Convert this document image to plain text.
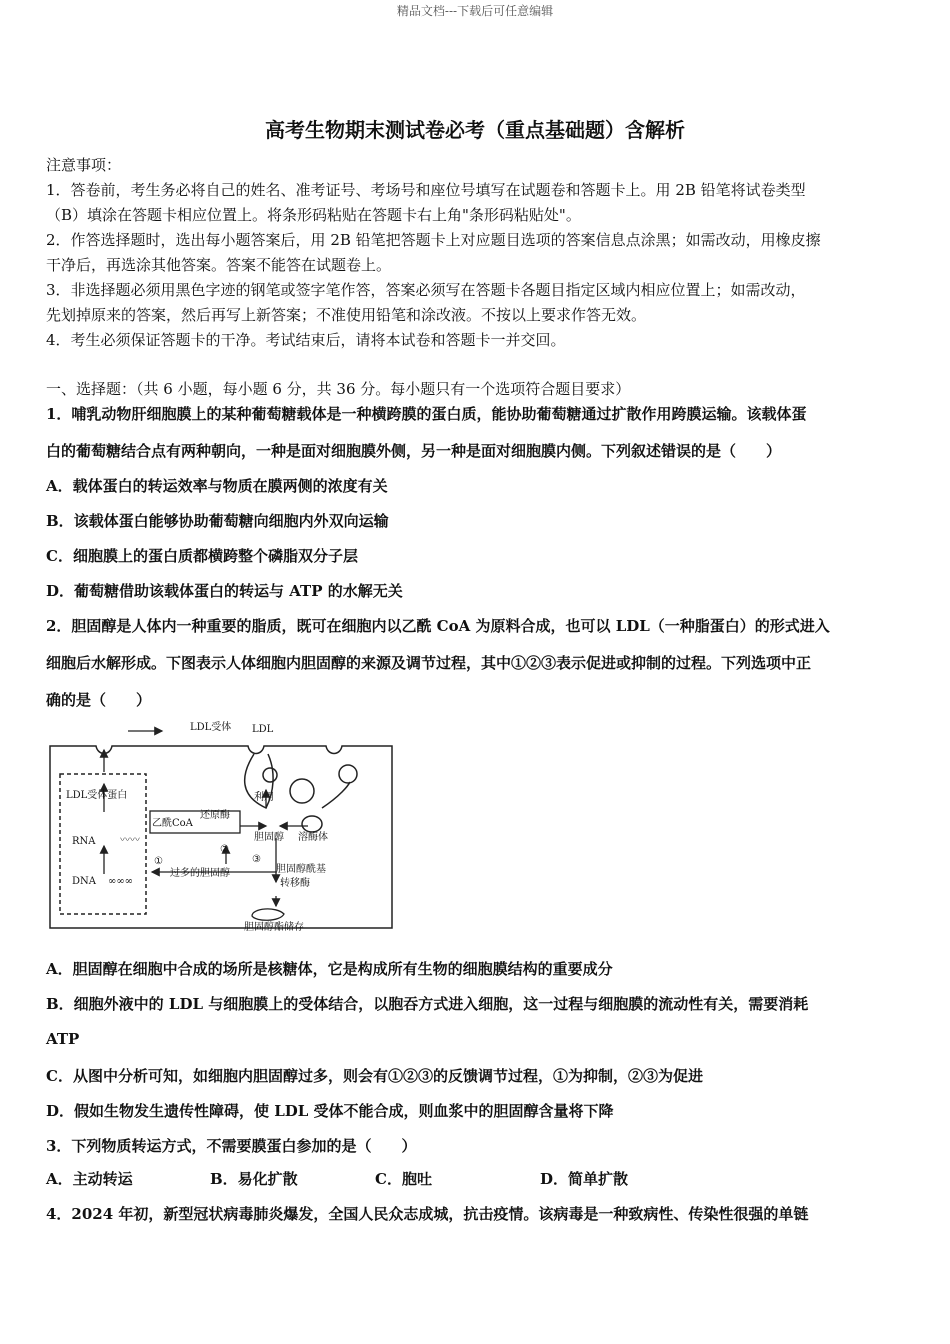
精品文档---下载后可任意编辑
高考生物期末测试卷必考（重点基础题）含解析
注意事项：
1．答卷前，考生务必将自己的姓名、准考证号、考场号和座位号填写在试题卷和答题卡上。用 2B 铅笔将试卷类型
（B）填涂在答题卡相应位置上。将条形码粘贴在答题卡右上角"条形码粘贴处"。
2．作答选择题时，选出每小题答案后，用 2B 铅笔把答题卡上对应题目选项的答案信息点涂黑；如需改动，用橡皮擦
干净后，再选涂其他答案。答案不能答在试题卷上。
3．非选择题必须用黑色字迹的钢笔或签字笔作答，答案必须写在答题卡各题目指定区域内相应位置上；如需改动，
先划掉原来的答案，然后再写上新答案；不准使用铅笔和涂改液。不按以上要求作答无效。
4．考生必须保证答题卡的干净。考试结束后，请将本试卷和答题卡一并交回。
一、选择题：（共 6 小题，每小题 6 分，共 36 分。每小题只有一个选项符合题目要求）
1．哺乳动物肝细胞膜上的某种葡萄糖载体是一种横跨膜的蛋白质，能协助葡萄糖通过扩散作用跨膜运输。该载体蛋
白的葡萄糖结合点有两种朝向，一种是面对细胞膜外侧，另一种是面对细胞膜内侧。下列叙述错误的是（　　）
A．载体蛋白的转运效率与物质在膜两侧的浓度有关
B．该载体蛋白能够协助葡萄糖向细胞内外双向运输
C．细胞膜上的蛋白质都横跨整个磷脂双分子层
D．葡萄糖借助该载体蛋白的转运与 ATP 的水解无关
2．胆固醇是人体内一种重要的脂质，既可在细胞内以乙酰 CoA 为原料合成，也可以 LDL（一种脂蛋白）的形式进入
细胞后水解形成。下图表示人体细胞内胆固醇的来源及调节过程，其中①②③表示促进或抑制的过程。下列选项中正
确的是（　　）
LDL受体 LDL
LDL受体蛋白
RNA
DNA
利用
乙酰CoA
还原酶
胆固醇 溶酶体
过多的胆固醇	胆固醇酰基
转移酶
胆固醇酯储存
①
②
③
〰〰
∞∞∞
A．胆固醇在细胞中合成的场所是核糖体，它是构成所有生物的细胞膜结构的重要成分
B．细胞外液中的 LDL 与细胞膜上的受体结合，以胞吞方式进入细胞，这一过程与细胞膜的流动性有关，需要消耗
ATP
C．从图中分析可知，如细胞内胆固醇过多，则会有①②③的反馈调节过程，①为抑制，②③为促进
D．假如生物发生遗传性障碍，使 LDL 受体不能合成，则血浆中的胆固醇含量将下降
3．下列物质转运方式，不需要膜蛋白参加的是（　　）
A．主动转运	B．易化扩散	C．胞吐	D．简单扩散
4．2024 年初，新型冠状病毒肺炎爆发，全国人民众志成城，抗击疫情。该病毒是一种致病性、传染性很强的单链
